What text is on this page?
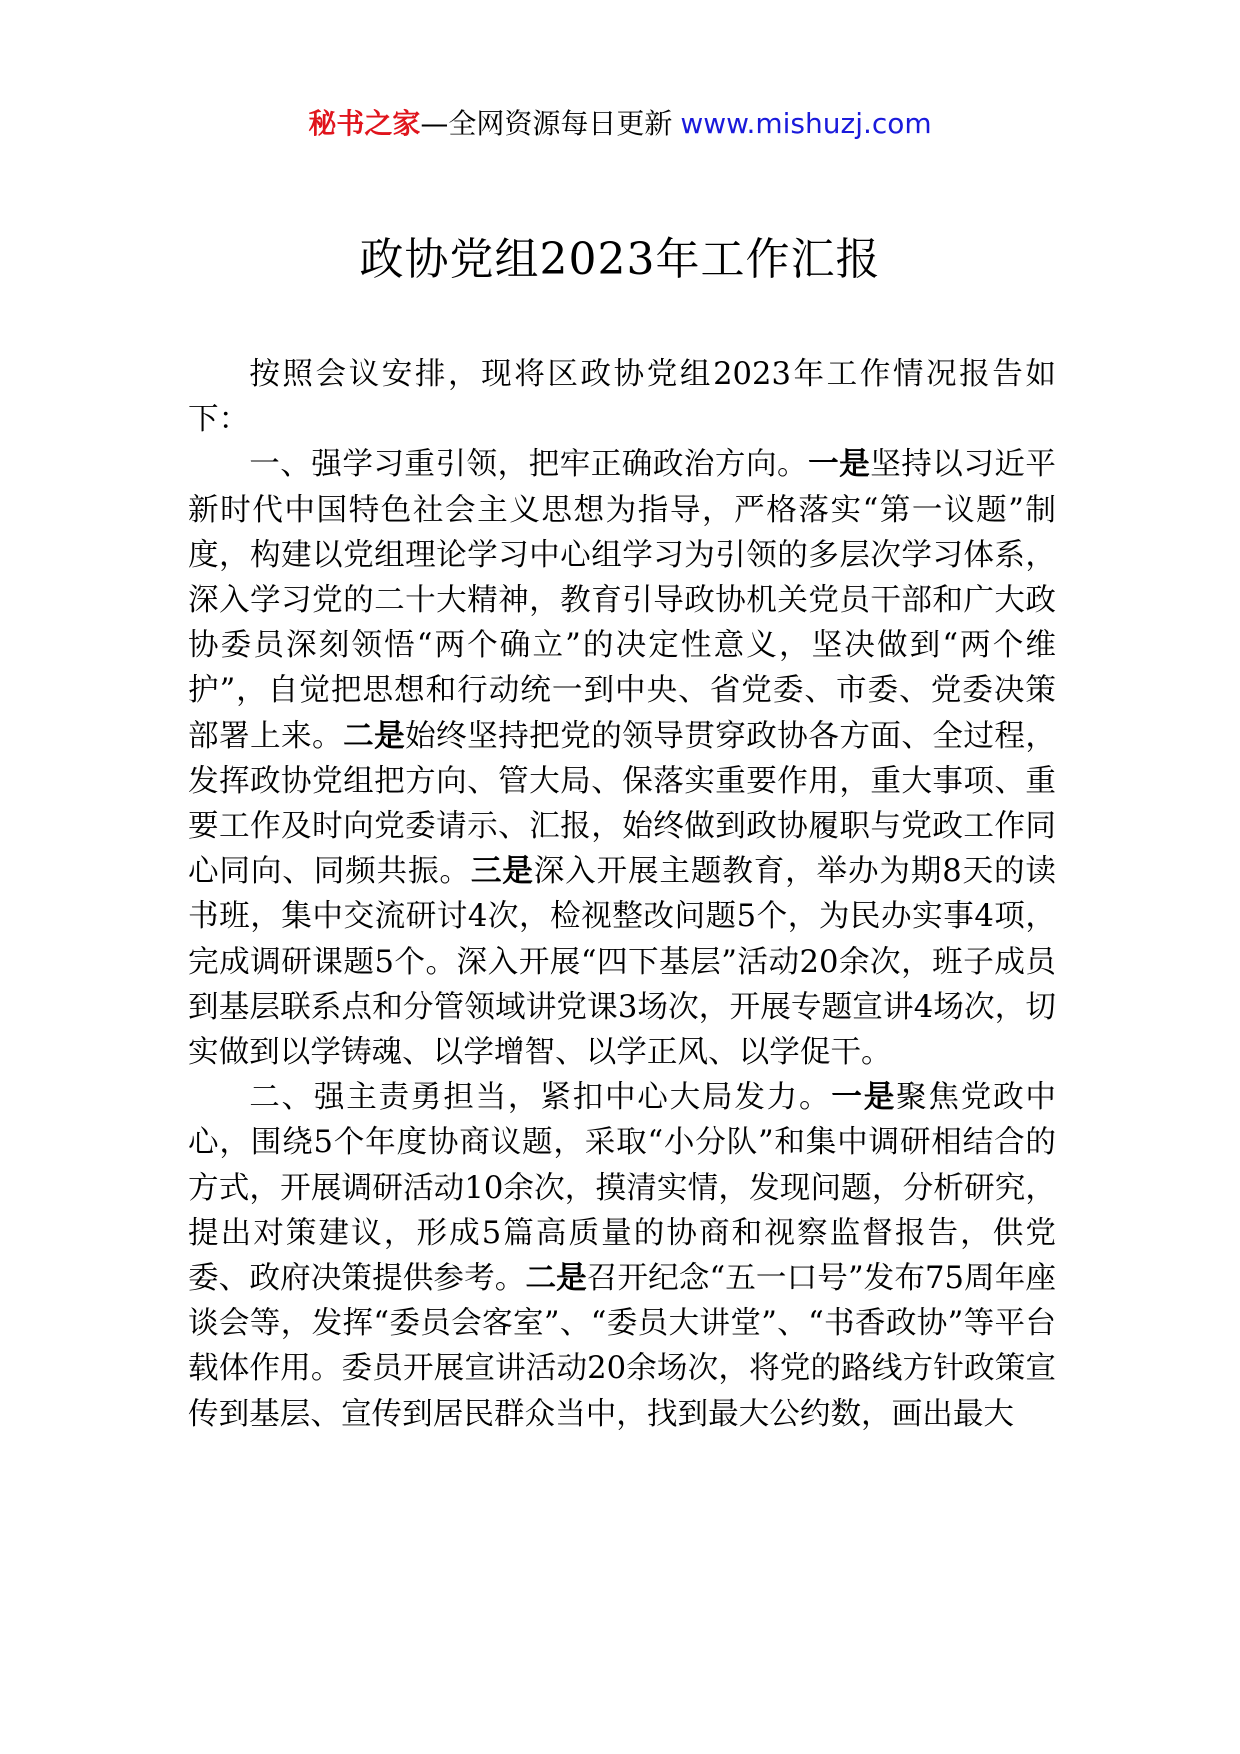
秘书之家—全网资源每日更新 www.mishuzj.com
政协党组2023年工作汇报

按照会议安排，现将区政协党组2023年工作情况报告如下：

一、强学习重引领，把牢正确政治方向。一是坚持以习近平新时代中国特色社会主义思想为指导，严格落实“第一议题”制度，构建以党组理论学习中心组学习为引领的多层次学习体系，深入学习党的二十大精神，教育引导政协机关党员干部和广大政协委员深刻领悟“两个确立”的决定性意义，坚决做到“两个维护”，自觉把思想和行动统一到中央、省党委、市委、党委决策部署上来。二是始终坚持把党的领导贯穿政协各方面、全过程，发挥政协党组把方向、管大局、保落实重要作用，重大事项、重要工作及时向党委请示、汇报，始终做到政协履职与党政工作同心同向、同频共振。三是深入开展主题教育，举办为期8天的读书班，集中交流研讨4次，检视整改问题5个，为民办实事4项，完成调研课题5个。深入开展“四下基层”活动20余次，班子成员到基层联系点和分管领域讲党课3场次，开展专题宣讲4场次，切实做到以学铸魂、以学增智、以学正风、以学促干。

二、强主责勇担当，紧扣中心大局发力。一是聚焦党政中心，围绕5个年度协商议题，采取“小分队”和集中调研相结合的方式，开展调研活动10余次，摸清实情，发现问题，分析研究，提出对策建议，形成5篇高质量的协商和视察监督报告，供党委、政府决策提供参考。二是召开纪念“五一口号”发布75周年座谈会等，发挥“委员会客室”、“委员大讲堂”、“书香政协”等平台载体作用。委员开展宣讲活动20余场次，将党的路线方针政策宣传到基层、宣传到居民群众当中，找到最大公约数，画出最大
